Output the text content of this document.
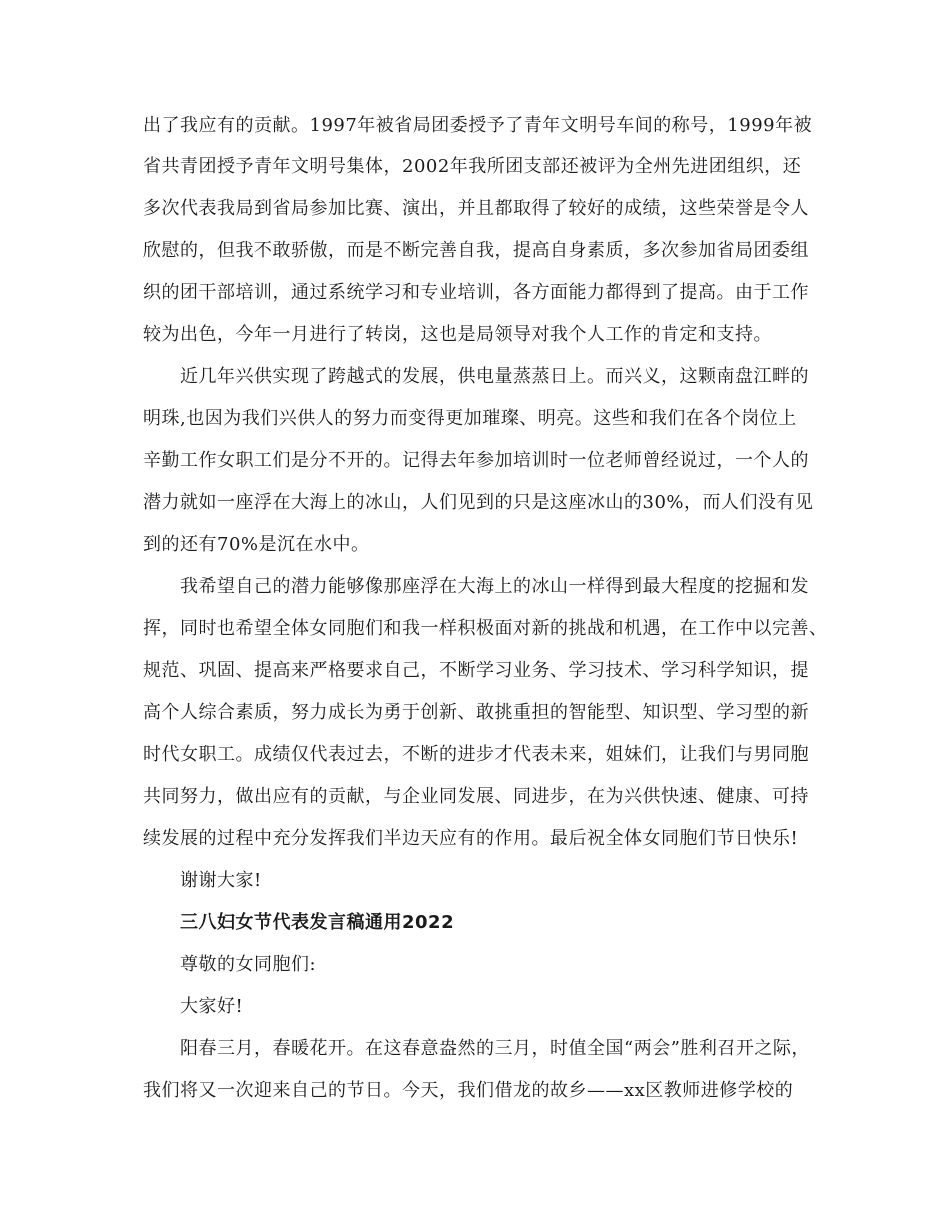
出了我应有的贡献。1997年被省局团委授予了青年文明号车间的称号，1999年被

省共青团授予青年文明号集体，2002年我所团支部还被评为全州先进团组织，还

多次代表我局到省局参加比赛、演出，并且都取得了较好的成绩，这些荣誉是令人

欣慰的，但我不敢骄傲，而是不断完善自我，提高自身素质，多次参加省局团委组

织的团干部培训，通过系统学习和专业培训，各方面能力都得到了提高。由于工作

较为出色，今年一月进行了转岗，这也是局领导对我个人工作的肯定和支持。

近几年兴供实现了跨越式的发展，供电量蒸蒸日上。而兴义，这颗南盘江畔的

明珠,也因为我们兴供人的努力而变得更加璀璨、明亮。这些和我们在各个岗位上

辛勤工作女职工们是分不开的。记得去年参加培训时一位老师曾经说过，一个人的

潜力就如一座浮在大海上的冰山，人们见到的只是这座冰山的30%，而人们没有见

到的还有70%是沉在水中。

我希望自己的潜力能够像那座浮在大海上的冰山一样得到最大程度的挖掘和发

挥，同时也希望全体女同胞们和我一样积极面对新的挑战和机遇，在工作中以完善、

规范、巩固、提高来严格要求自己，不断学习业务、学习技术、学习科学知识，提

高个人综合素质，努力成长为勇于创新、敢挑重担的智能型、知识型、学习型的新

时代女职工。成绩仅代表过去，不断的进步才代表未来，姐妹们，让我们与男同胞

共同努力，做出应有的贡献，与企业同发展、同进步，在为兴供快速、健康、可持

续发展的过程中充分发挥我们半边天应有的作用。最后祝全体女同胞们节日快乐!

谢谢大家!

三八妇女节代表发言稿通用2022

尊敬的女同胞们:

大家好!

阳春三月，春暖花开。在这春意盎然的三月，时值全国“两会”胜利召开之际，

我们将又一次迎来自己的节日。今天，我们借龙的故乡——xx区教师进修学校的
